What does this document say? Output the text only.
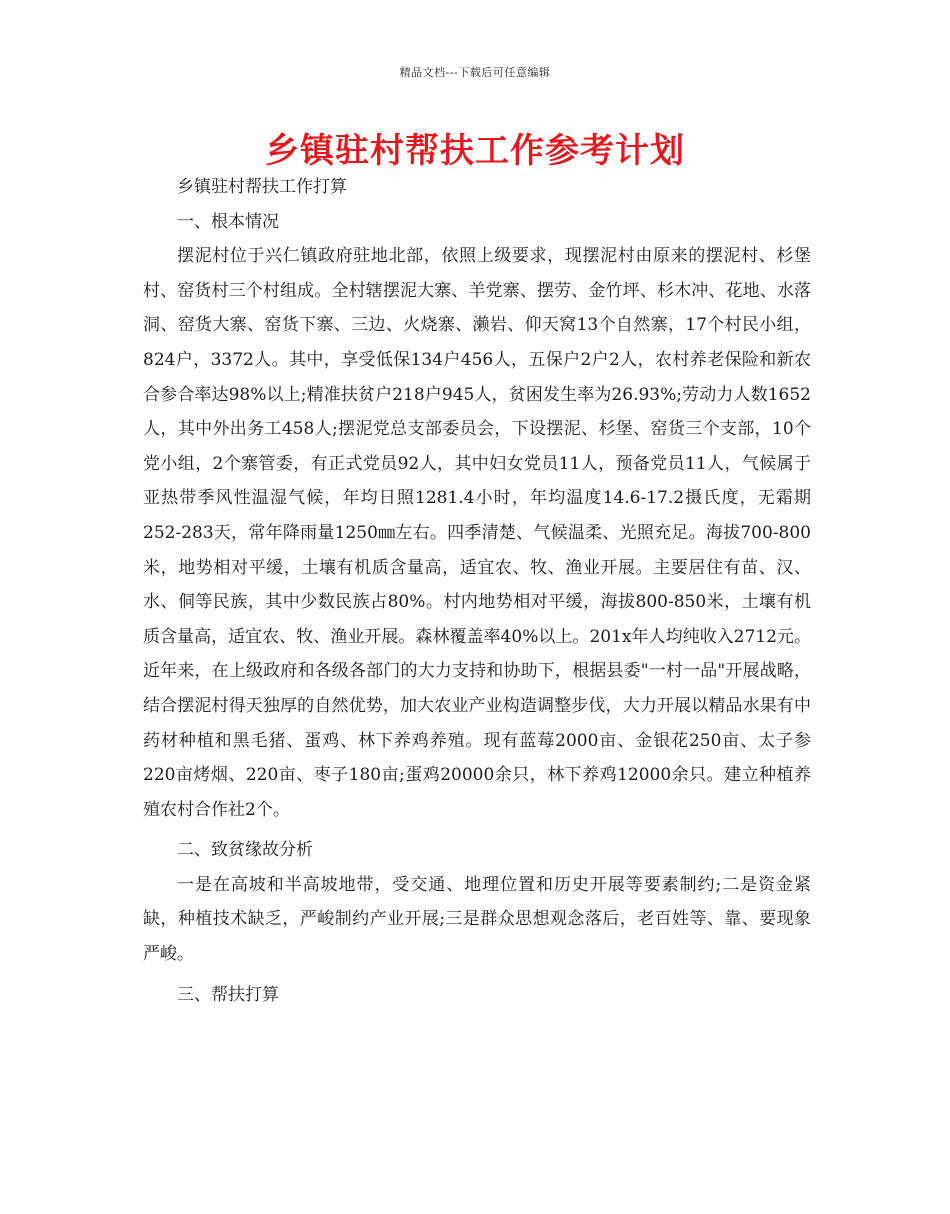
精品文档---下载后可任意编辑
乡镇驻村帮扶工作参考计划

乡镇驻村帮扶工作打算

一、根本情况

摆泥村位于兴仁镇政府驻地北部，依照上级要求，现摆泥村由原来的摆泥村、杉堡村、窑货村三个村组成。全村辖摆泥大寨、羊党寨、摆劳、金竹坪、杉木冲、花地、水落洞、窑货大寨、窑货下寨、三边、火烧寨、濑岩、仰天窝13个自然寨，17个村民小组，824户，3372人。其中，享受低保134户456人，五保户2户2人，农村养老保险和新农合参合率达98%以上;精准扶贫户218户945人，贫困发生率为26.93%;劳动力人数1652人，其中外出务工458人;摆泥党总支部委员会，下设摆泥、杉堡、窑货三个支部，10个党小组，2个寨管委，有正式党员92人，其中妇女党员11人，预备党员11人，气候属于亚热带季风性温湿气候，年均日照1281.4小时，年均温度14.6-17.2摄氏度，无霜期252-283天，常年降雨量1250㎜左右。四季清楚、气候温柔、光照充足。海拔700-800米，地势相对平缓，土壤有机质含量高，适宜农、牧、渔业开展。主要居住有苗、汉、水、侗等民族，其中少数民族占80%。村内地势相对平缓，海拔800-850米，土壤有机质含量高，适宜农、牧、渔业开展。森林覆盖率40%以上。201x年人均纯收入2712元。近年来，在上级政府和各级各部门的大力支持和协助下，根据县委"一村一品"开展战略，结合摆泥村得天独厚的自然优势，加大农业产业构造调整步伐，大力开展以精品水果有中药材种植和黑毛猪、蛋鸡、林下养鸡养殖。现有蓝莓2000亩、金银花250亩、太子参220亩烤烟、220亩、枣子180亩;蛋鸡20000余只，林下养鸡12000余只。建立种植养殖农村合作社2个。

二、致贫缘故分析

一是在高坡和半高坡地带，受交通、地理位置和历史开展等要素制约;二是资金紧缺，种植技术缺乏，严峻制约产业开展;三是群众思想观念落后，老百姓等、靠、要现象严峻。

三、帮扶打算
